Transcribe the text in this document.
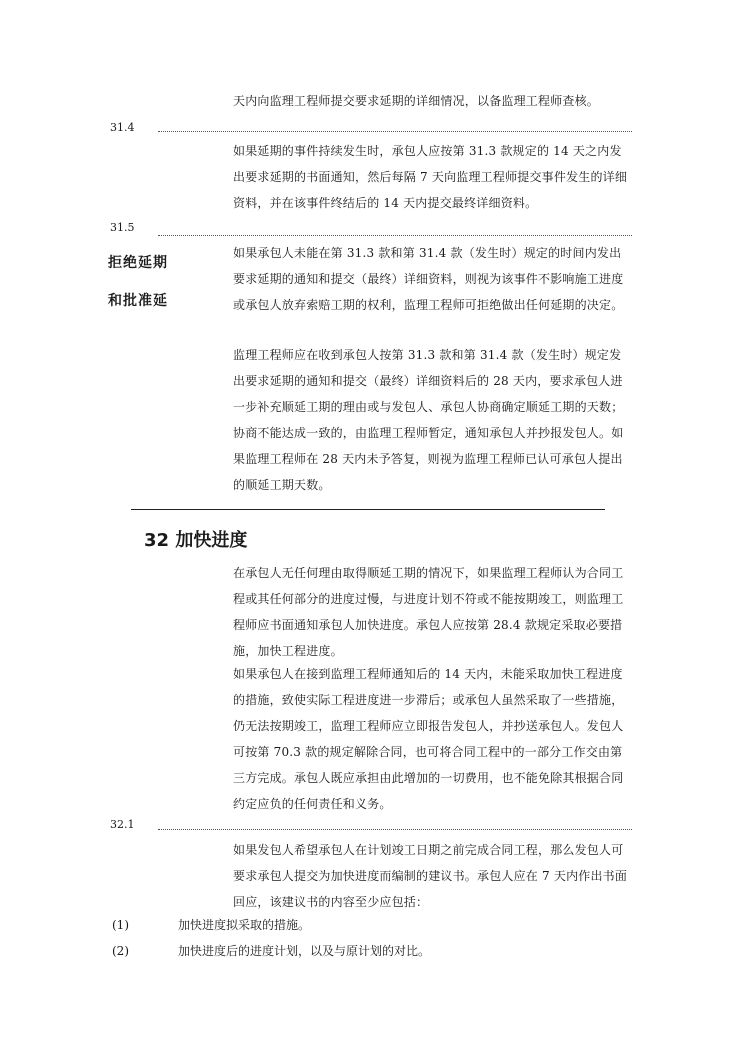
天内向监理工程师提交要求延期的详细情况，以备监理工程师查核。

31.4

如果延期的事件持续发生时，承包人应按第 31.3 款规定的 14 天之内发出要求延期的书面通知，然后每隔 7 天向监理工程师提交事件发生的详细资料，并在该事件终结后的 14 天内提交最终详细资料。

31.5
拒绝延期
和批准延

如果承包人未能在第 31.3 款和第 31.4 款（发生时）规定的时间内发出要求延期的通知和提交（最终）详细资料，则视为该事件不影响施工进度或承包人放弃索赔工期的权利，监理工程师可拒绝做出任何延期的决定。

监理工程师应在收到承包人按第 31.3 款和第 31.4 款（发生时）规定发出要求延期的通知和提交（最终）详细资料后的 28 天内，要求承包人进一步补充顺延工期的理由或与发包人、承包人协商确定顺延工期的天数；协商不能达成一致的，由监理工程师暂定，通知承包人并抄报发包人。如果监理工程师在 28 天内未予答复，则视为监理工程师已认可承包人提出的顺延工期天数。

32 加快进度

在承包人无任何理由取得顺延工期的情况下，如果监理工程师认为合同工程或其任何部分的进度过慢，与进度计划不符或不能按期竣工，则监理工程师应书面通知承包人加快进度。承包人应按第 28.4 款规定采取必要措施，加快工程进度。

如果承包人在接到监理工程师通知后的 14 天内，未能采取加快工程进度的措施，致使实际工程进度进一步滞后；或承包人虽然采取了一些措施，仍无法按期竣工，监理工程师应立即报告发包人，并抄送承包人。发包人可按第 70.3 款的规定解除合同，也可将合同工程中的一部分工作交由第三方完成。承包人既应承担由此增加的一切费用，也不能免除其根据合同约定应负的任何责任和义务。

32.1

如果发包人希望承包人在计划竣工日期之前完成合同工程，那么发包人可要求承包人提交为加快进度而编制的建议书。承包人应在 7 天内作出书面回应，该建议书的内容至少应包括：

(1)	加快进度拟采取的措施。
(2)	加快进度后的进度计划，以及与原计划的对比。
